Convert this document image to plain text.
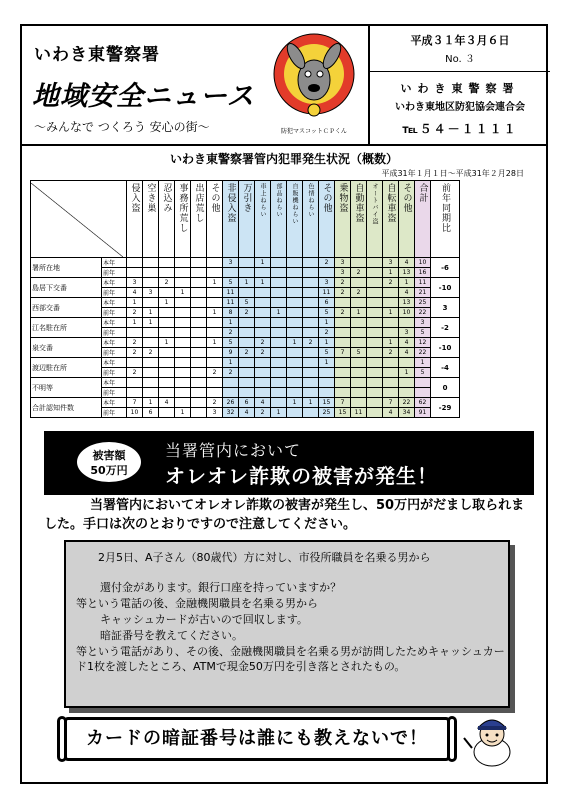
いわき東警察署
地域安全ニュース
～みんなで つくろう 安心の街～	防犯マスコットＣＰくん
平成３１年３月６日
No. ３
いわき東警察署
いわき東地区防犯協会連合会
℡５４－１１１１
いわき東警察署管内犯罪発生状況（概数）
平成31年１月１日～平成31年２月28日

		侵入盗	空き巣	忍込み	事務所荒し	出店荒し	その他	非侵入盗	万引き	車上ねらい	部品ねらい	自販機ねらい	色情ねらい	その他	乗物盗	自動車盗	オートバイ盗	自転車盗	その他	合計	前年同期比

署所在地	本年							3		1				2	3			3	4	10	-6
	前年														3	2		1	13	16	
島居下交番	本年	3		2			1	5	1	1				3	2			2	1	11	-10
	前年	4	3		1			11						11	2	2			4	21	
西部交番	本年	1		1				11	5					6					13	25	3
	前年	2	1				1	8	2		1			5	2	1		1	10	22	
江名駐在所	本年	1	1					1						1						3	-2
	前年							2						2					3	5	
泉交番	本年	2		1			1	5		2		1	2	1				1	4	12	-10
	前年	2	2					9	2	2				5	7	5		2	4	22	
渡辺駐在所	本年							1						1						1	-4
	前年	2					2	2											1	5	
不明等	本年																				0
	前年																				
合計認知件数	本年	7	1	4			2	26	6	4		1	1	15	7			7	22	62	-29
	前年	10	6		1		3	32	4	2	1			25	15	11		4	34	91	
被害額
50万円
当署管内において
オレオレ詐欺の被害が発生！
当署管内においてオレオレ詐欺の被害が発生し、50万円がだまし取られました。手口は次のとおりですので注意してください。
2月5日、A子さん（80歳代）方に対し、市役所職員を名乗る男から
還付金があります。銀行口座を持っていますか？
等という電話の後、金融機関職員を名乗る男から
キャッシュカードが古いので回収します。
暗証番号を教えてください。
等という電話があり、その後、金融機関職員を名乗る男が訪問したためキャッシュカード1枚を渡したところ、ATMで現金50万円を引き落とされたもの。
カードの暗証番号は誰にも教えないで！
